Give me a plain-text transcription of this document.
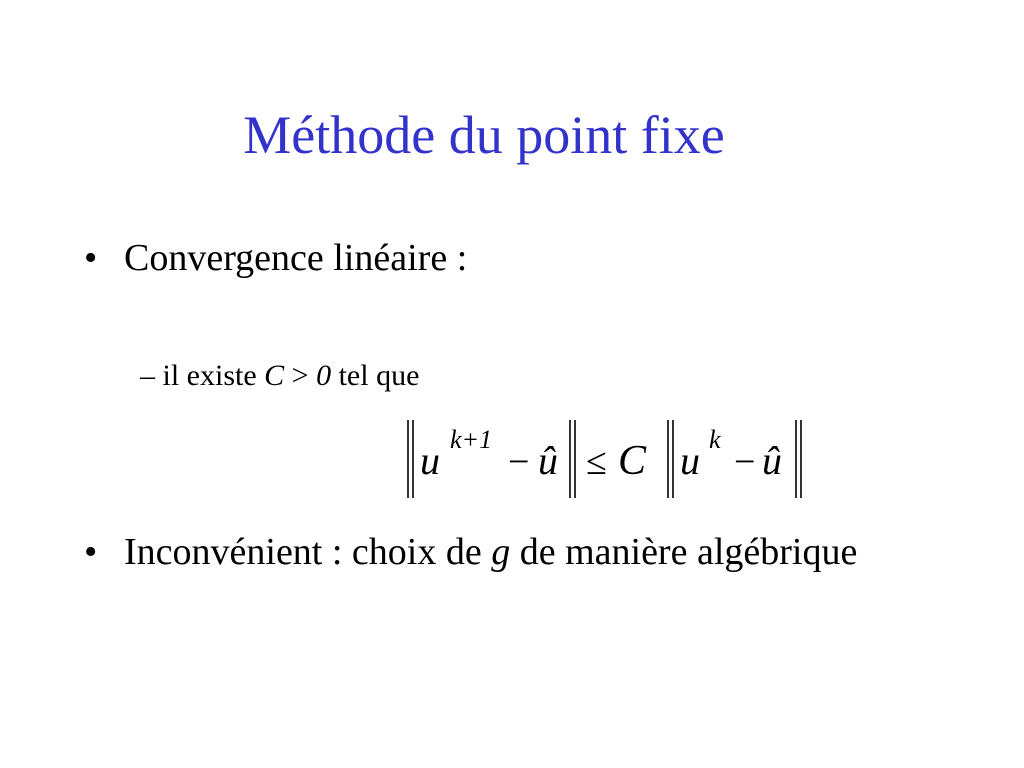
Méthode du point fixe
• Convergence linéaire :
– il existe C > 0 tel que
u k+1
− û ≤ C u k
− û
• Inconvénient : choix de g de manière algébrique
